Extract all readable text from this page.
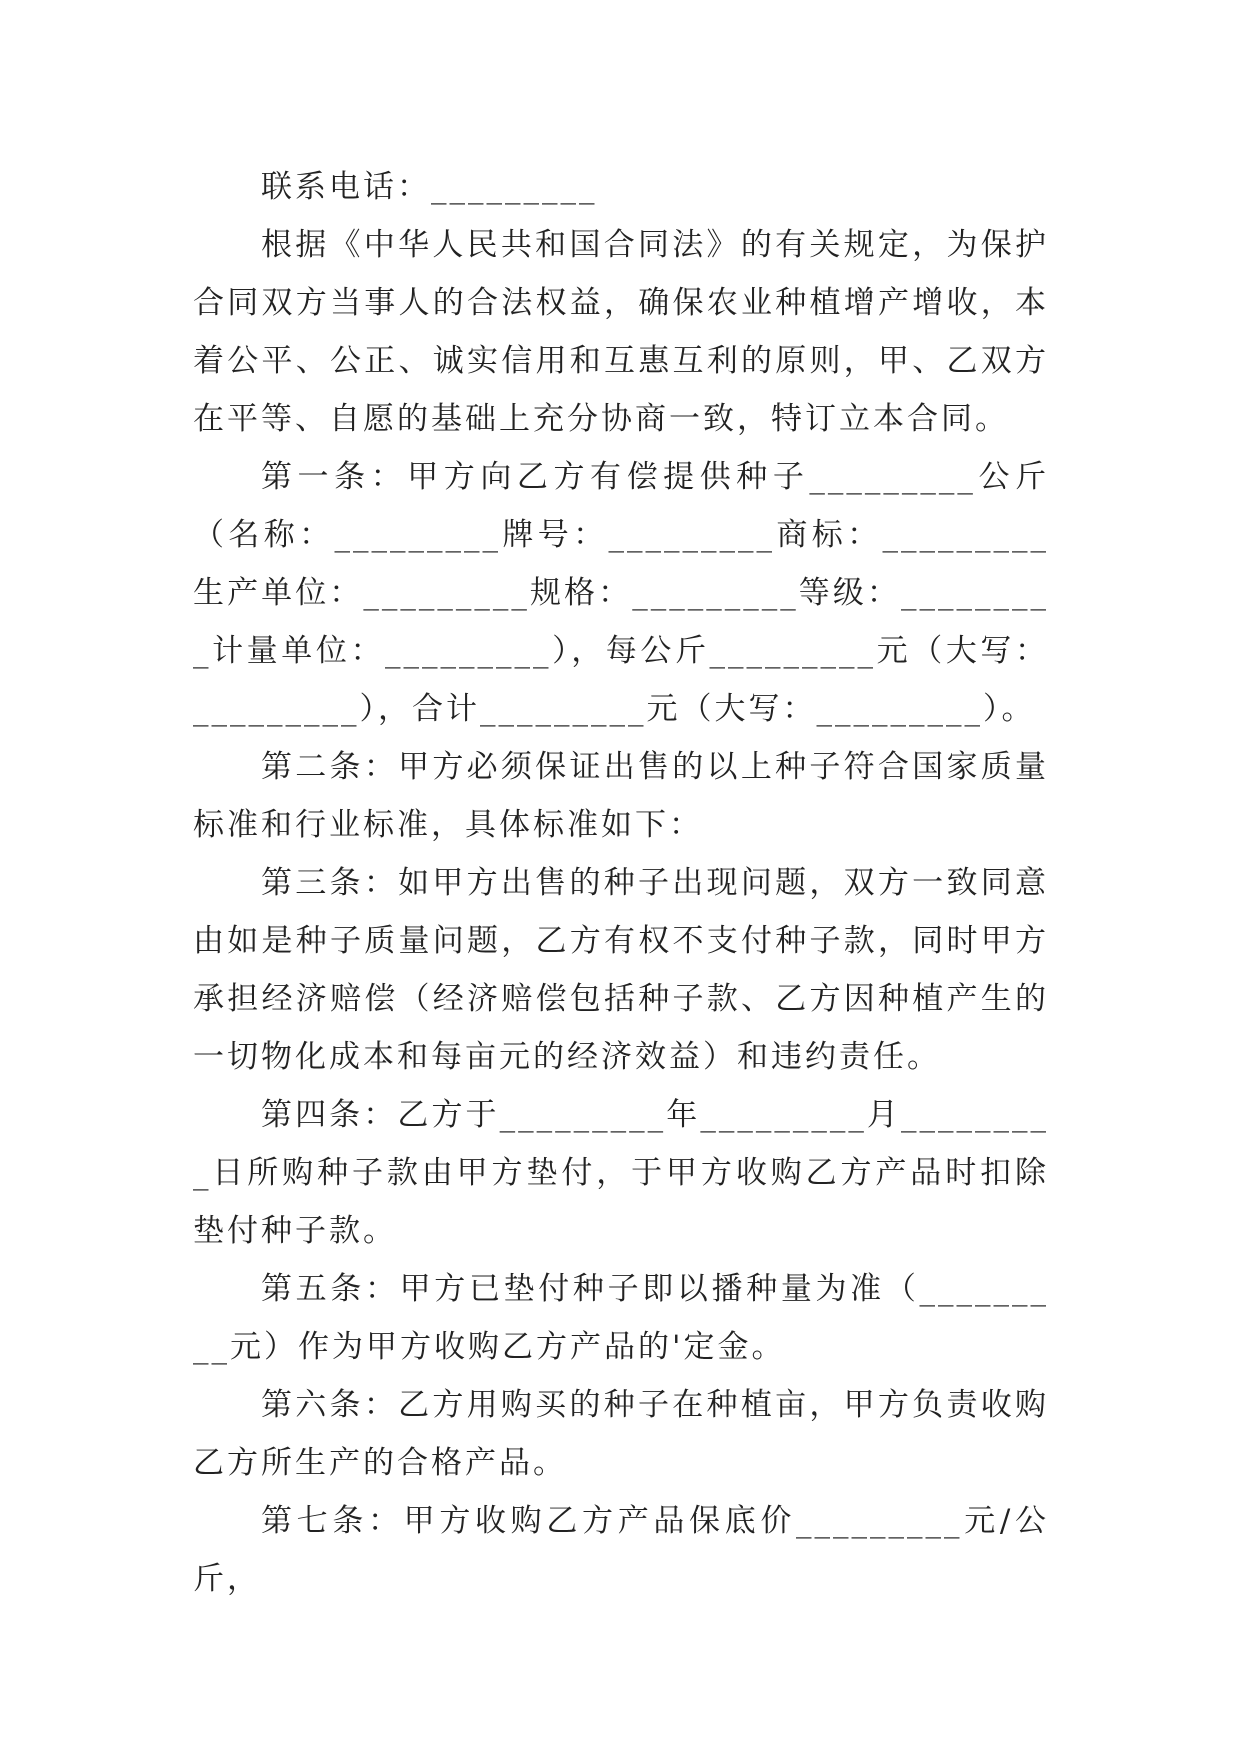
联系电话：_________

根据《中华人民共和国合同法》的有关规定，为保护合同双方当事人的合法权益，确保农业种植增产增收，本着公平、公正、诚实信用和互惠互利的原则，甲、乙双方在平等、自愿的基础上充分协商一致，特订立本合同。

第一条：甲方向乙方有偿提供种子_________公斤（名称：_________牌号：_________商标：_________生产单位：_________规格：_________等级：_________计量单位：_________），每公斤_________元（大写：_________），合计_________元（大写：_________）。

第二条：甲方必须保证出售的以上种子符合国家质量标准和行业标准，具体标准如下：

第三条：如甲方出售的种子出现问题，双方一致同意由如是种子质量问题，乙方有权不支付种子款，同时甲方承担经济赔偿（经济赔偿包括种子款、乙方因种植产生的一切物化成本和每亩元的经济效益）和违约责任。

第四条：乙方于_________年_________月_________日所购种子款由甲方垫付，于甲方收购乙方产品时扣除垫付种子款。

第五条：甲方已垫付种子即以播种量为准（_________元）作为甲方收购乙方产品的'定金。

第六条：乙方用购买的种子在种植亩，甲方负责收购乙方所生产的合格产品。

第七条：甲方收购乙方产品保底价_________元/公斤，
